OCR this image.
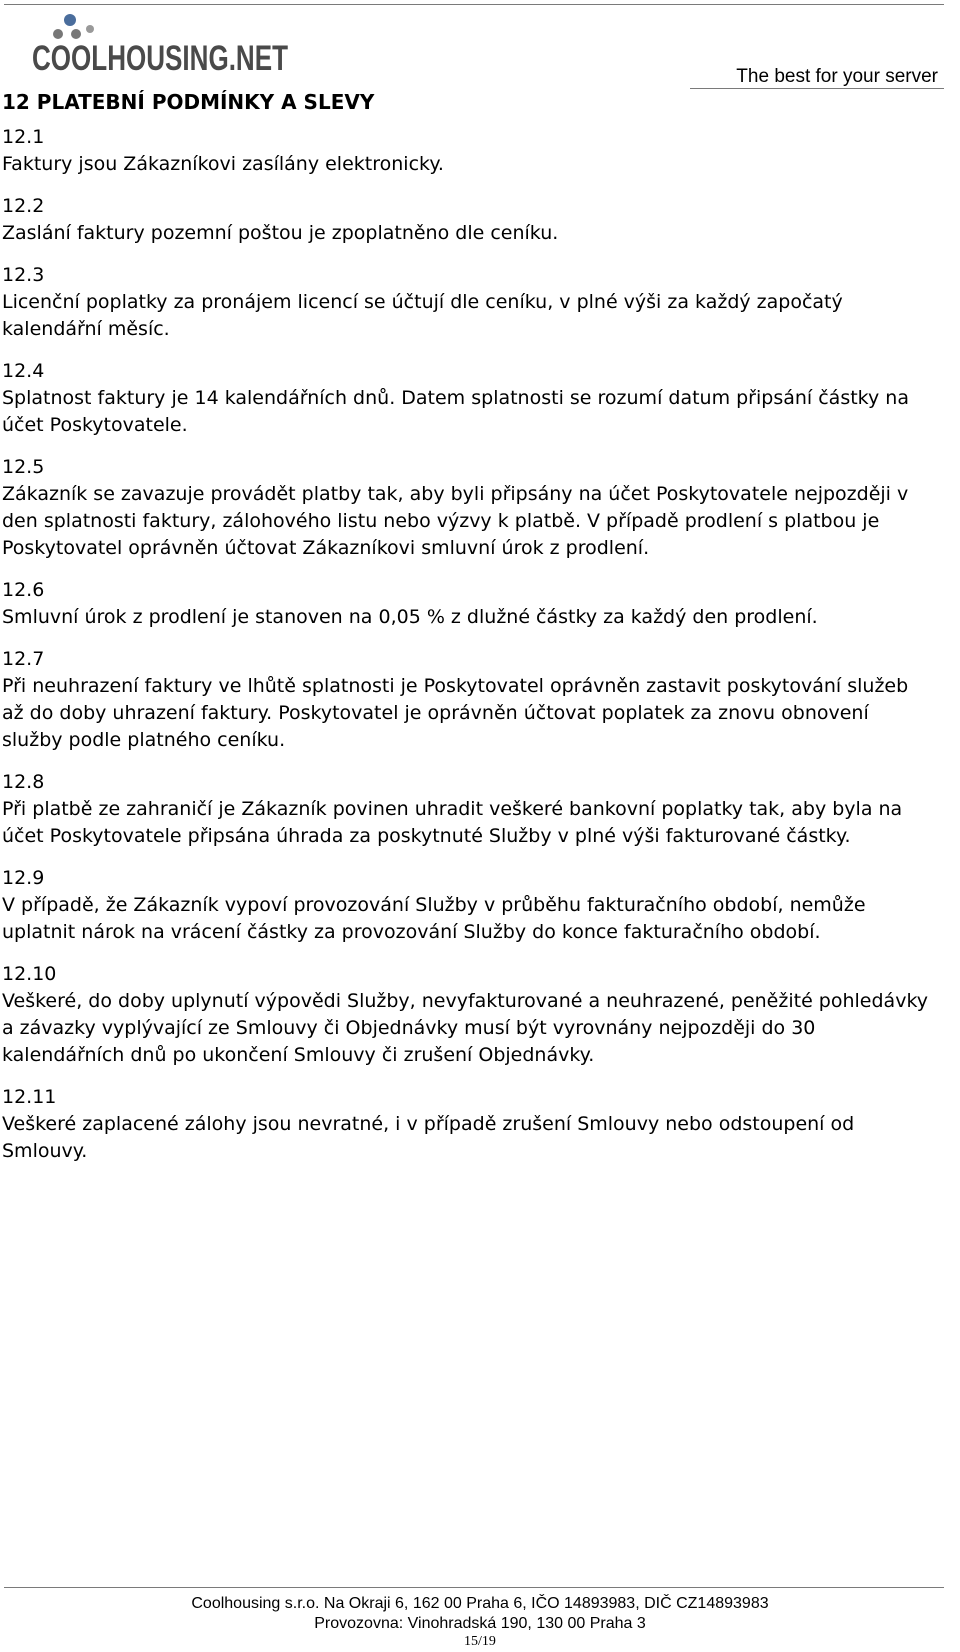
COOLHOUSING.NET	The best for your server
12 PLATEBNÍ PODMÍNKY A SLEVY
12.1
Faktury jsou Zákazníkovi zasílány elektronicky.
12.2
Zaslání faktury pozemní poštou je zpoplatněno dle ceníku.
12.3
Licenční poplatky za pronájem licencí se účtují dle ceníku, v plné výši za každý započatý kalendářní měsíc.
12.4
Splatnost faktury je 14 kalendářních dnů. Datem splatnosti se rozumí datum připsání částky na účet Poskytovatele.
12.5
Zákazník se zavazuje provádět platby tak, aby byli připsány na účet Poskytovatele nejpozději v den splatnosti faktury, zálohového listu nebo výzvy k platbě. V případě prodlení s platbou je Poskytovatel oprávněn účtovat Zákazníkovi smluvní úrok z prodlení.
12.6
Smluvní úrok z prodlení je stanoven na 0,05 % z dlužné částky za každý den prodlení.
12.7
Při neuhrazení faktury ve lhůtě splatnosti je Poskytovatel oprávněn zastavit poskytování služeb až do doby uhrazení faktury. Poskytovatel je oprávněn účtovat poplatek za znovu obnovení služby podle platného ceníku.
12.8
Při platbě ze zahraničí je Zákazník povinen uhradit veškeré bankovní poplatky tak, aby byla na účet Poskytovatele připsána úhrada za poskytnuté Služby v plné výši fakturované částky.
12.9
V případě, že Zákazník vypoví provozování Služby v průběhu fakturačního období, nemůže uplatnit nárok na vrácení částky za provozování Služby do konce fakturačního období.
12.10
Veškeré, do doby uplynutí výpovědi Služby, nevyfakturované a neuhrazené, peněžité pohledávky a závazky vyplývající ze Smlouvy či Objednávky musí být vyrovnány nejpozději do 30 kalendářních dnů po ukončení Smlouvy či zrušení Objednávky.
12.11
Veškeré zaplacené zálohy jsou nevratné, i v případě zrušení Smlouvy nebo odstoupení od Smlouvy.
Coolhousing s.r.o. Na Okraji 6, 162 00 Praha 6, IČO 14893983, DIČ CZ14893983
Provozovna: Vinohradská 190, 130 00 Praha 3
15/19
